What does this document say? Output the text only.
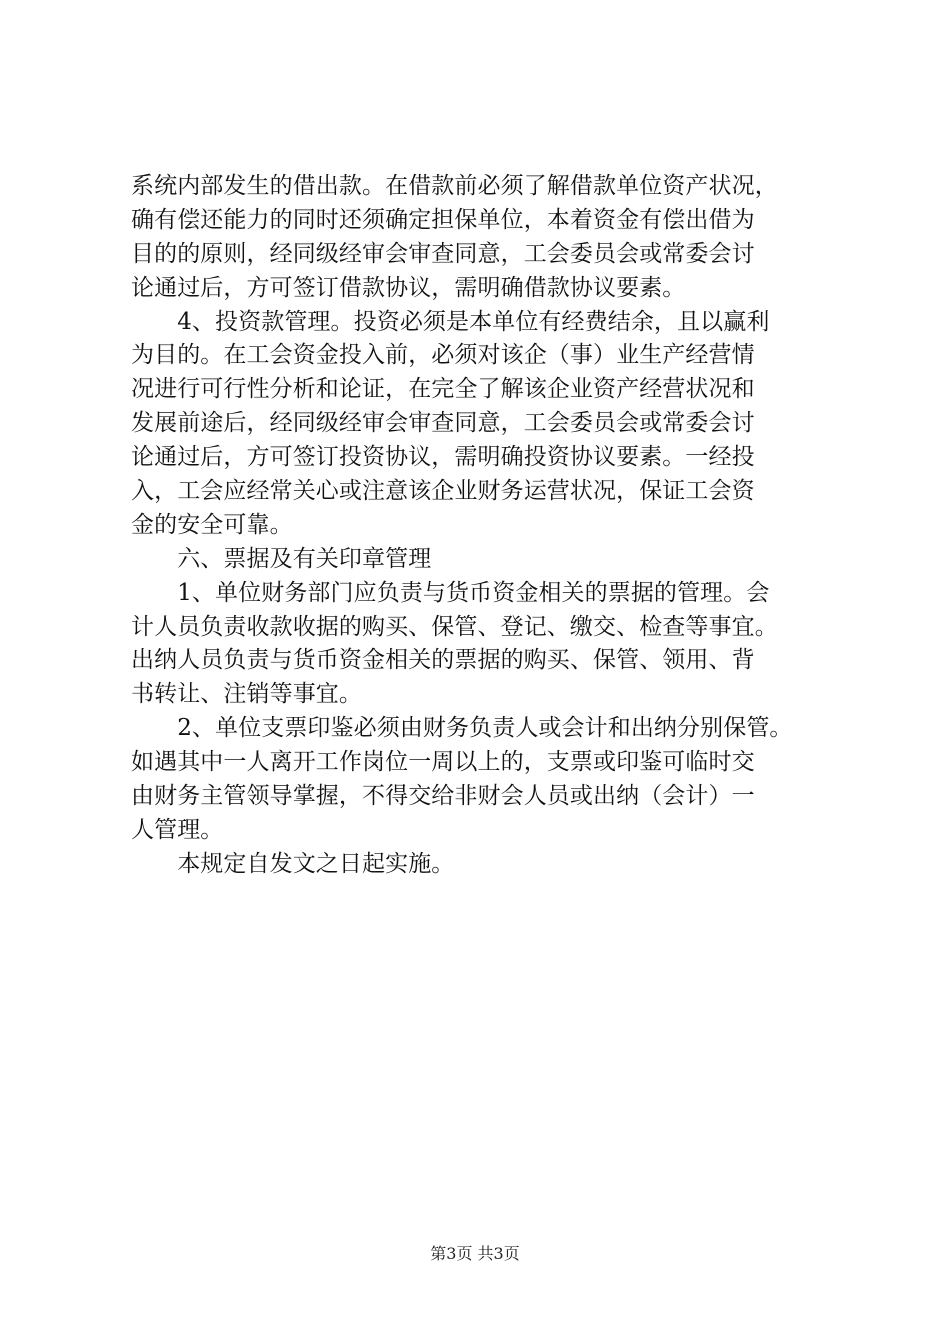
系统内部发生的借出款。在借款前必须了解借款单位资产状况，
确有偿还能力的同时还须确定担保单位，本着资金有偿出借为
目的的原则，经同级经审会审查同意，工会委员会或常委会讨
论通过后，方可签订借款协议，需明确借款协议要素。
　　4、投资款管理。投资必须是本单位有经费结余，且以赢利
为目的。在工会资金投入前，必须对该企（事）业生产经营情
况进行可行性分析和论证，在完全了解该企业资产经营状况和
发展前途后，经同级经审会审查同意，工会委员会或常委会讨
论通过后，方可签订投资协议，需明确投资协议要素。一经投
入，工会应经常关心或注意该企业财务运营状况，保证工会资
金的安全可靠。
　　六、票据及有关印章管理
　　1、单位财务部门应负责与货币资金相关的票据的管理。会
计人员负责收款收据的购买、保管、登记、缴交、检查等事宜。
出纳人员负责与货币资金相关的票据的购买、保管、领用、背
书转让、注销等事宜。
　　2、单位支票印鉴必须由财务负责人或会计和出纳分别保管。
如遇其中一人离开工作岗位一周以上的，支票或印鉴可临时交
由财务主管领导掌握，不得交给非财会人员或出纳（会计）一
人管理。
　　本规定自发文之日起实施。
第3页 共3页
